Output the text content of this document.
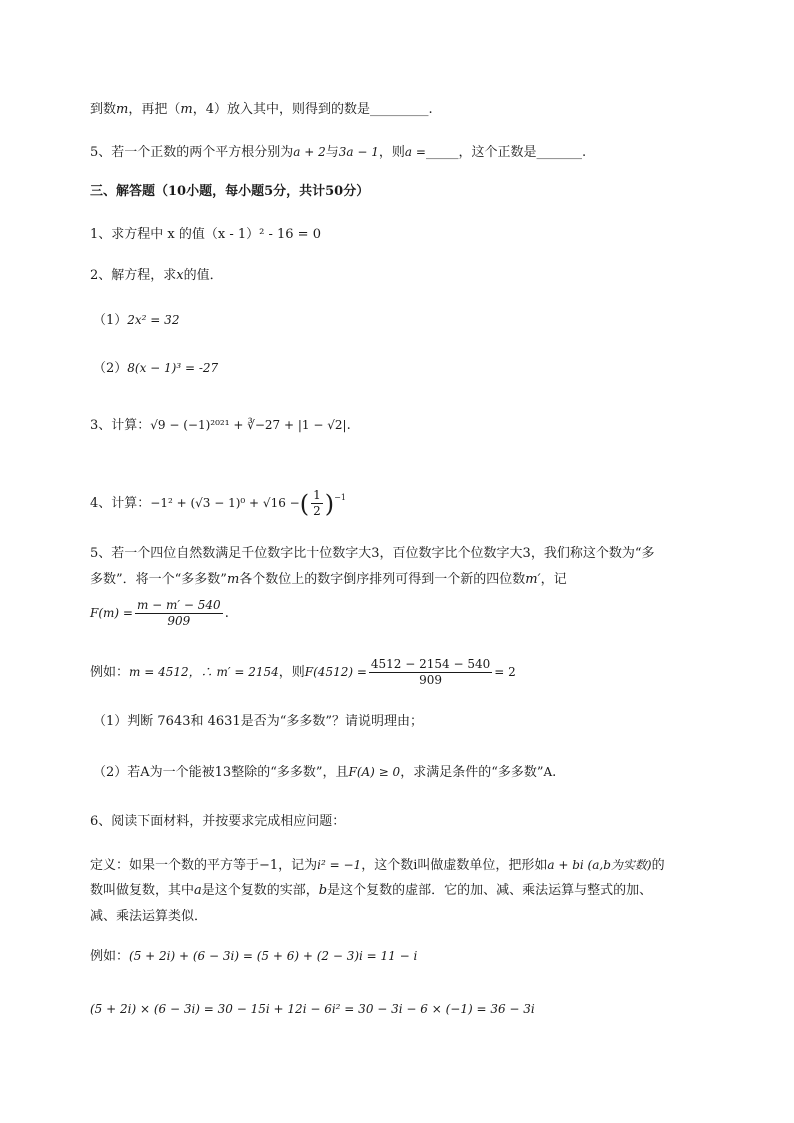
到数m，再把（m，4）放入其中，则得到的数是_________.
5、若一个正数的两个平方根分别为a + 2与3a − 1，则a =_____，这个正数是_______.
三、解答题（10小题，每小题5分，共计50分）
1、求方程中 x 的值（x - 1）² - 16 = 0
2、解方程，求x的值．
（1）2x² = 32
（2）8(x − 1)³ = -27
3、计算：√9 − (−1)²⁰²¹ + ∛−27 + |1 − √2|.
4、计算：−1² + (√3 − 1)⁰ + √16 −( $\frac{1}{2} )^{-1}$
5、若一个四位自然数满足千位数字比十位数字大3，百位数字比个位数字大3，我们称这个数为“多
多数”．将一个“多多数”m各个数位上的数字倒序排列可得到一个新的四位数m′，记
$F(m) = \frac{m - m' - 540}{909}$ .
例如：m = 4512，∴ m′ = 2154，则$F(4512) = \frac{4512 - 2154 - 540}{909} = 2$
（1）判断 7643和 4631是否为“多多数”？请说明理由；
（2）若A为一个能被13整除的“多多数”，且F(A) ≥ 0，求满足条件的“多多数”A.
6、阅读下面材料，并按要求完成相应问题：
定义：如果一个数的平方等于−1，记为i² = −1，这个数i叫做虚数单位，把形如a + bi (a,b为实数)的
数叫做复数，其中a是这个复数的实部，b是这个复数的虚部．它的加、减、乘法运算与整式的加、
减、乘法运算类似．
例如：(5 + 2i) + (6 − 3i) = (5 + 6) + (2 − 3)i = 11 − i
(5 + 2i) × (6 − 3i) = 30 − 15i + 12i − 6i² = 30 − 3i − 6 × (−1) = 36 − 3i
